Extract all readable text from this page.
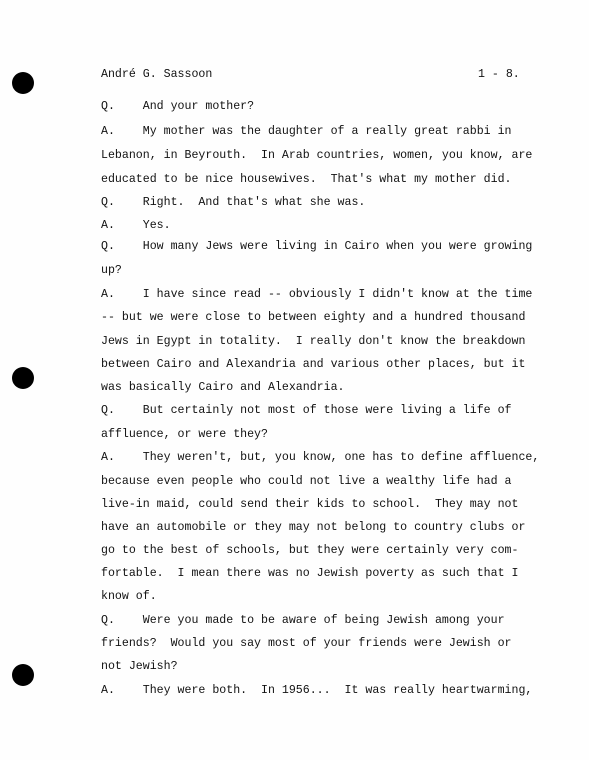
André G. Sassoon	1 - 8.
Q.    And your mother?
A.    My mother was the daughter of a really great rabbi in
Lebanon, in Beyrouth.  In Arab countries, women, you know, are
educated to be nice housewives.  That's what my mother did.
Q.    Right.  And that's what she was.
A.    Yes.
Q.    How many Jews were living in Cairo when you were growing
up?
A.    I have since read -- obviously I didn't know at the time
-- but we were close to between eighty and a hundred thousand
Jews in Egypt in totality.  I really don't know the breakdown
between Cairo and Alexandria and various other places, but it
was basically Cairo and Alexandria.
Q.    But certainly not most of those were living a life of
affluence, or were they?
A.    They weren't, but, you know, one has to define affluence,
because even people who could not live a wealthy life had a
live-in maid, could send their kids to school.  They may not
have an automobile or they may not belong to country clubs or
go to the best of schools, but they were certainly very com-
fortable.  I mean there was no Jewish poverty as such that I
know of.
Q.    Were you made to be aware of being Jewish among your
friends?  Would you say most of your friends were Jewish or
not Jewish?
A.    They were both.  In 1956...  It was really heartwarming,
